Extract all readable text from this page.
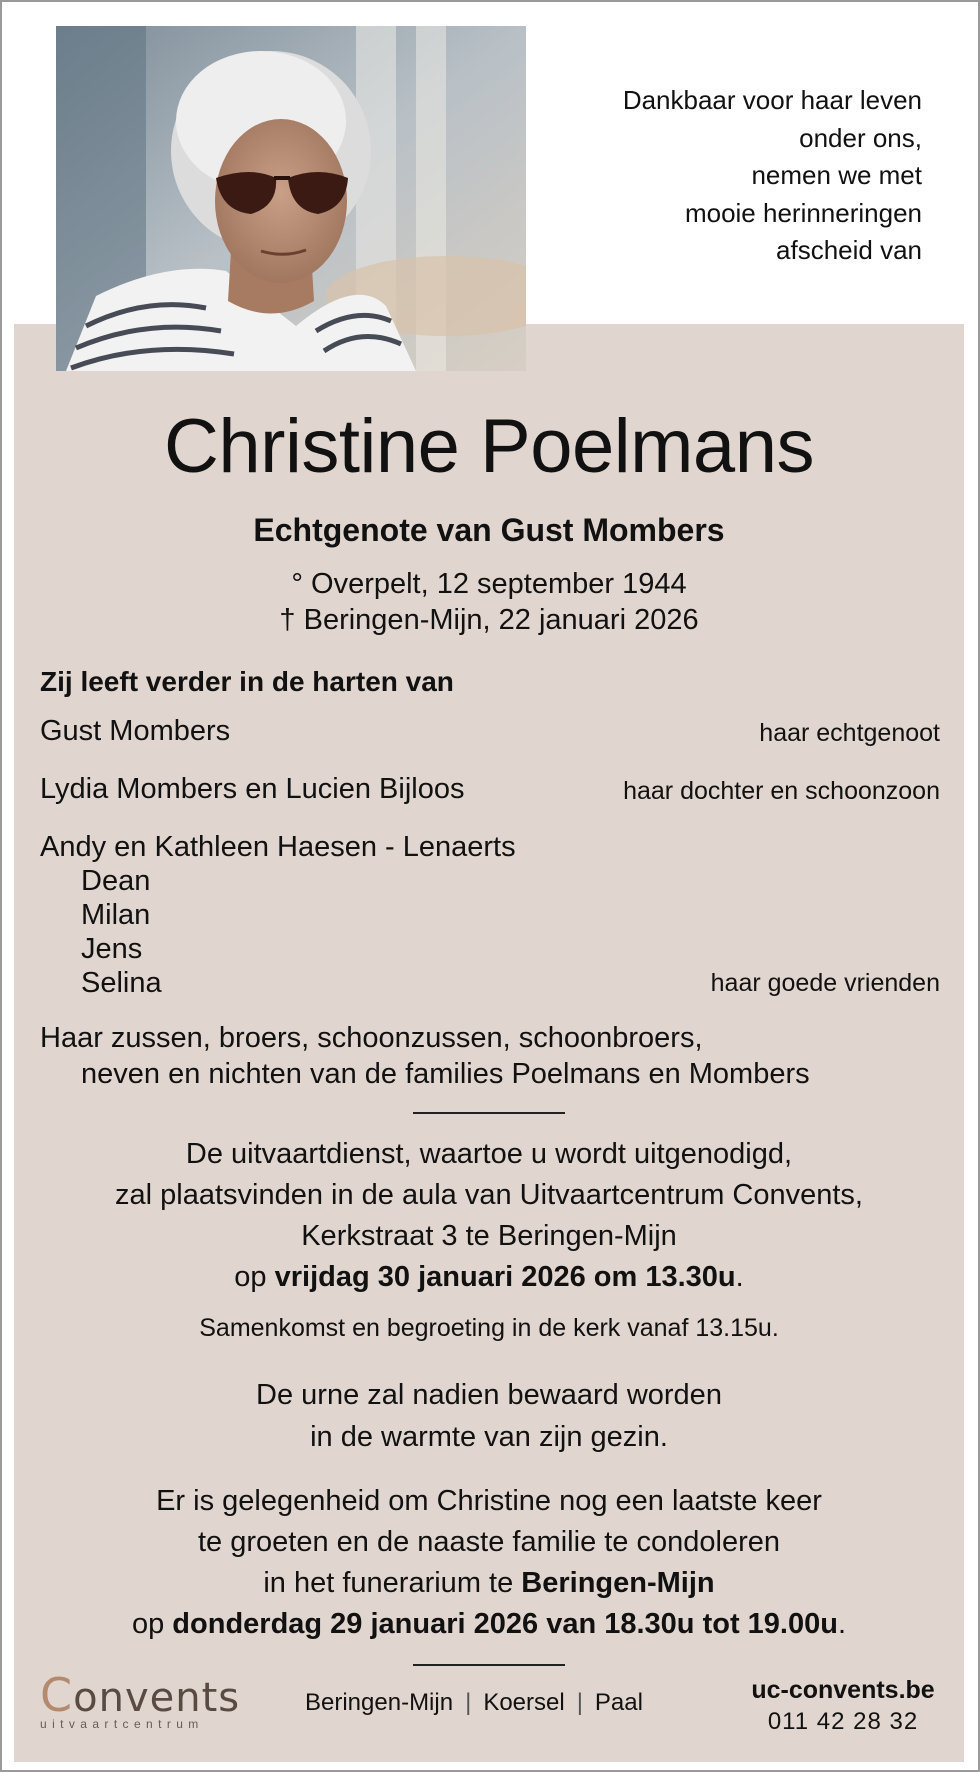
Dankbaar voor haar leven
onder ons,
nemen we met
mooie herinneringen
afscheid van
Christine Poelmans
Echtgenote van Gust Mombers
° Overpelt, 12 september 1944
† Beringen-Mijn, 22 januari 2026
Zij leeft verder in de harten van
Gust Mombers	haar echtgenoot
Lydia Mombers en Lucien Bijloos	haar dochter en schoonzoon
Andy en Kathleen Haesen - Lenaerts
Dean
Milan
Jens
Selina	haar goede vrienden
Haar zussen, broers, schoonzussen, schoonbroers,
neven en nichten van de families Poelmans en Mombers
De uitvaartdienst, waartoe u wordt uitgenodigd,
zal plaatsvinden in de aula van Uitvaartcentrum Convents,
Kerkstraat 3 te Beringen-Mijn
op vrijdag 30 januari 2026 om 13.30u.
Samenkomst en begroeting in de kerk vanaf 13.15u.
De urne zal nadien bewaard worden
in de warmte van zijn gezin.
Er is gelegenheid om Christine nog een laatste keer
te groeten en de naaste familie te condoleren
in het funerarium te Beringen-Mijn
op donderdag 29 januari 2026 van 18.30u tot 19.00u.
Convents
uitvaartcentrum
Beringen-Mijn | Koersel | Paal	uc-convents.be
011 42 28 32
